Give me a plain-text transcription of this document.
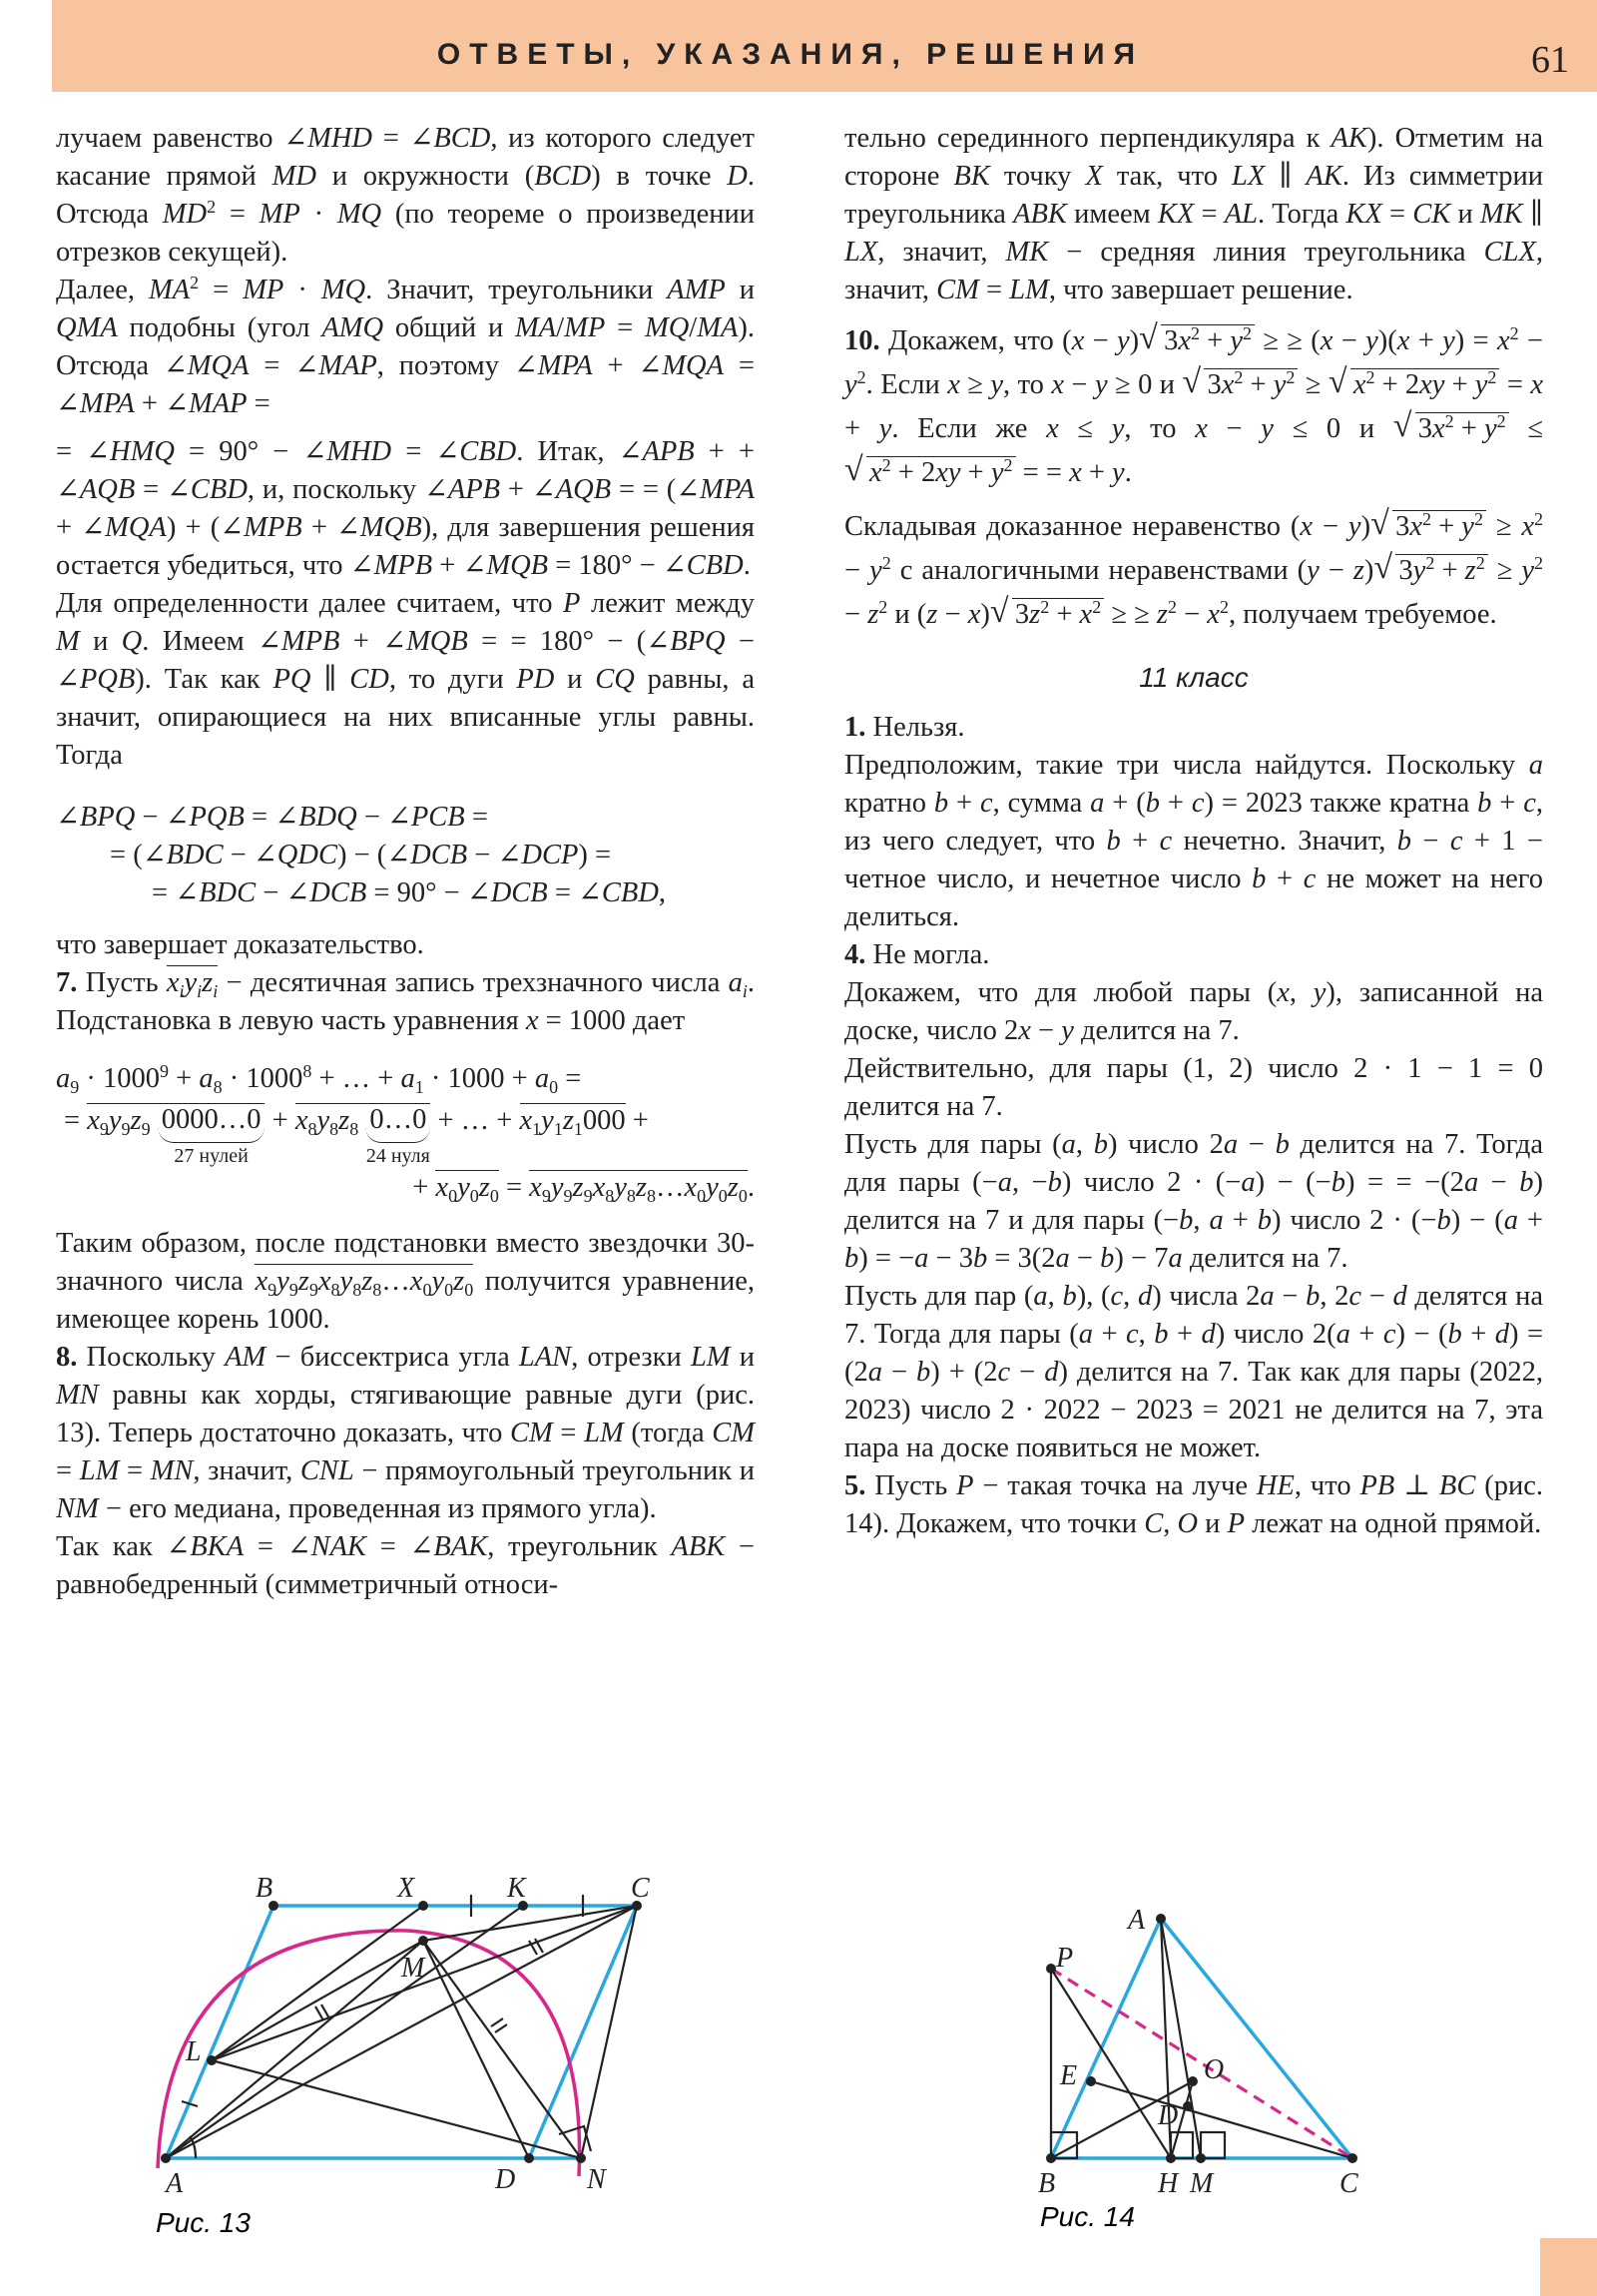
ОТВЕТЫ, УКАЗАНИЯ, РЕШЕНИЯ	61

лучаем равенство ∠MHD = ∠BCD, из которого следует касание прямой MD и окружности (BCD) в точке D. Отсюда $MD^2$ = MP · MQ (по теореме о произведении отрезков секущей).

Далее, $MA^2$ = MP · MQ. Значит, треугольники AMP и QMA подобны (угол AMQ общий и MA/MP = MQ/MA). Отсюда ∠MQA = ∠MAP, поэтому ∠MPA + ∠MQA = ∠MPA + ∠MAP =

= ∠HMQ = 90° − ∠MHD = ∠CBD. Итак, ∠APB + + ∠AQB = ∠CBD, и, поскольку ∠APB + ∠AQB = = (∠MPA + ∠MQA) + (∠MPB + ∠MQB), для завершения решения остается убедиться, что ∠MPB + ∠MQB = 180° − ∠CBD.

Для определенности далее считаем, что P лежит между M и Q. Имеем ∠MPB + ∠MQB = = 180° − (∠BPQ − ∠PQB). Так как PQ ∥ CD, то дуги PD и CQ равны, а значит, опирающиеся на них вписанные углы равны. Тогда

∠BPQ − ∠PQB = ∠BDQ − ∠PCB =

= (∠BDC − ∠QDC) − (∠DCB − ∠DCP) =

= ∠BDC − ∠DCB = 90° − ∠DCB = ∠CBD,

что завершает доказательство.

7. Пусть $x_iy_iz_i$ − десятичная запись трехзначного числа $a_i$. Подстановка в левую часть уравнения x = 1000 дает

$a_9 \cdot 1000^9 + a_8 \cdot 1000^8$ + … + $a_1 \cdot 1000 + a_0$ =

= $x_9y_9z_9$ 0000…0
27 нулей
+ $x_8y_8z_8$ 0…0
24 нуля
+ … + $x_1y_1z_1000$ +

+ $x_0y_0z_0$ = $x_9y_9z_9x_8y_8z_8\dots x_0y_0z_0$.

Таким образом, после подстановки вместо звездочки 30-значного числа $x_9y_9z_9x_8y_8z_8\dots x_0y_0z_0$ получится уравнение, имеющее корень 1000.

8. Поскольку AM − биссектриса угла LAN, отрезки LM и MN равны как хорды, стягивающие равные дуги (рис. 13). Теперь достаточно доказать, что CM = LM (тогда CM = LM = MN, значит, CNL − прямоугольный треугольник и NM − его медиана, проведенная из прямого угла).

Так как ∠BKA = ∠NAK = ∠BAK, треугольник ABK − равнобедренный (симметричный относи-

тельно серединного перпендикуляра к AK). Отметим на стороне BK точку X так, что LX ∥ AK. Из симметрии треугольника ABK имеем KX = AL. Тогда KX = CK и MK ∥ LX, значит, MK − средняя линия треугольника CLX, значит, CM = LM, что завершает решение.

10. Докажем, что (x − y) √ $3x^2 + y^2$ ≥ ≥ $(x - y)(x + y) = x^2 - y^2$. Если x ≥ y, то x − y ≥ 0 и √ $3x^2 + y^2$ ≥ √ $x^2 + 2xy + y^2 = x + y$. Если же x ≤ y, то x − y ≤ 0 и √ $3x^2 + y^2$ ≤ √ $x^2 + 2xy + y^2$ = = x + y.

Складывая доказанное неравенство (x − y) √ $3x^2 + y^2 \ge x^2 - y^2$ с аналогичными неравенствами (y − z) √ $3y^2 + z^2 \ge y^2 - z^2$ и (z − x) √ $3z^2 + x^2$ ≥ ≥ $z^2 - x^2$, получаем требуемое.

11 класс

1. Нельзя.

Предположим, такие три числа найдутся. Поскольку a кратно b + c, сумма a + (b + c) = 2023 также кратна b + c, из чего следует, что b + c нечетно. Значит, b − c + 1 − четное число, и нечетное число b + c не может на него делиться.

4. Не могла.

Докажем, что для любой пары (x, y), записанной на доске, число 2x − y делится на 7.

Действительно, для пары (1, 2) число 2 · 1 − 1 = 0 делится на 7.

Пусть для пары (a, b) число 2a − b делится на 7. Тогда для пары (−a, −b) число 2 · (−a) − (−b) = = −(2a − b) делится на 7 и для пары (−b, a + b) число 2 · (−b) − (a + b) = −a − 3b = 3(2a − b) − 7a делится на 7.

Пусть для пар (a, b), (c, d) числа 2a − b, 2c − d делятся на 7. Тогда для пары (a + c, b + d) число 2(a + c) − (b + d) = (2a − b) + (2c − d) делится на 7. Так как для пары (2022, 2023) число 2 · 2022 − 2023 = 2021 не делится на 7, эта пара на доске появиться не может.

5. Пусть P − такая точка на луче HE, что PB ⊥ BC (рис. 14). Докажем, что точки C, O и P лежат на одной прямой.

B	X	K	C
L
M
A	D	N
Рис. 13
A
P
E	O
D
B	H M	C
Рис. 14
